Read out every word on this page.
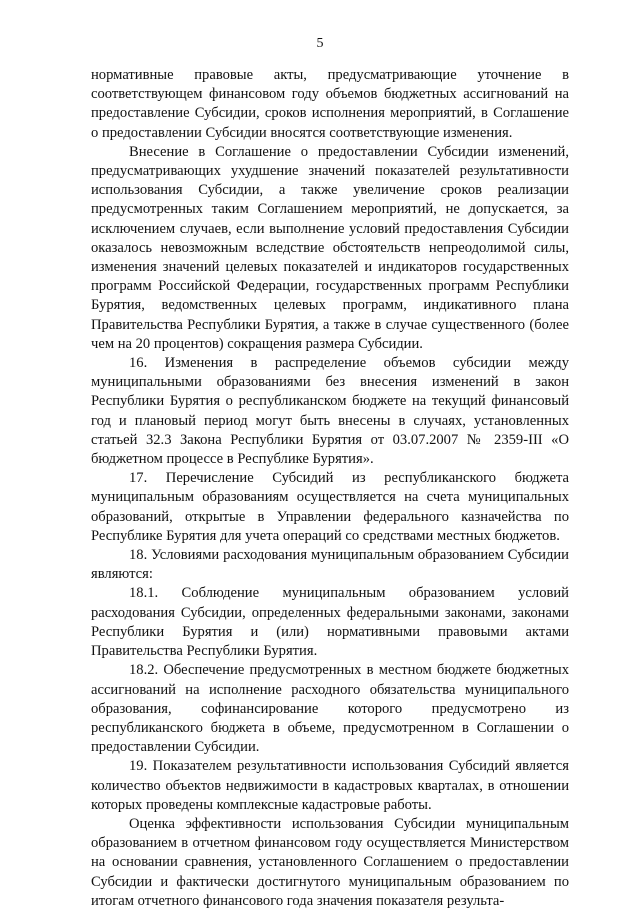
5

нормативные правовые акты, предусматривающие уточнение в соответствующем финансовом году объемов бюджетных ассигнований на предоставление Субсидии, сроков исполнения мероприятий, в Соглашение о предоставлении Субсидии вносятся соответствующие изменения.

Внесение в Соглашение о предоставлении Субсидии изменений, предусматривающих ухудшение значений показателей результативности использования Субсидии, а также увеличение сроков реализации предусмотренных таким Соглашением мероприятий, не допускается, за исключением случаев, если выполнение условий предоставления Субсидии оказалось невозможным вследствие обстоятельств непреодолимой силы, изменения значений целевых показателей и индикаторов государственных программ Российской Федерации, государственных программ Республики Бурятия, ведомственных целевых программ, индикативного плана Правительства Республики Бурятия, а также в случае существенного (более чем на 20 процентов) сокращения размера Субсидии.

16. Изменения в распределение объемов субсидии между муниципальными образованиями без внесения изменений в закон Республики Бурятия о республиканском бюджете на текущий финансовый год и плановый период могут быть внесены в случаях, установленных статьей 32.3 Закона Республики Бурятия от 03.07.2007 № 2359-III «О бюджетном процессе в Республике Бурятия».

17. Перечисление Субсидий из республиканского бюджета муниципальным образованиям осуществляется на счета муниципальных образований, открытые в Управлении федерального казначейства по Республике Бурятия для учета операций со средствами местных бюджетов.

18. Условиями расходования муниципальным образованием Субсидии являются:

18.1. Соблюдение муниципальным образованием условий расходования Субсидии, определенных федеральными законами, законами Республики Бурятия и (или) нормативными правовыми актами Правительства Республики Бурятия.

18.2. Обеспечение предусмотренных в местном бюджете бюджетных ассигнований на исполнение расходного обязательства муниципального образования, софинансирование которого предусмотрено из республиканского бюджета в объеме, предусмотренном в Соглашении о предоставлении Субсидии.

19. Показателем результативности использования Субсидий является количество объектов недвижимости в кадастровых кварталах, в отношении которых проведены комплексные кадастровые работы.

Оценка эффективности использования Субсидии муниципальным образованием в отчетном финансовом году осуществляется Министерством на основании сравнения, установленного Соглашением о предоставлении Субсидии и фактически достигнутого муниципальным образованием по итогам отчетного финансового года значения показателя результа-
